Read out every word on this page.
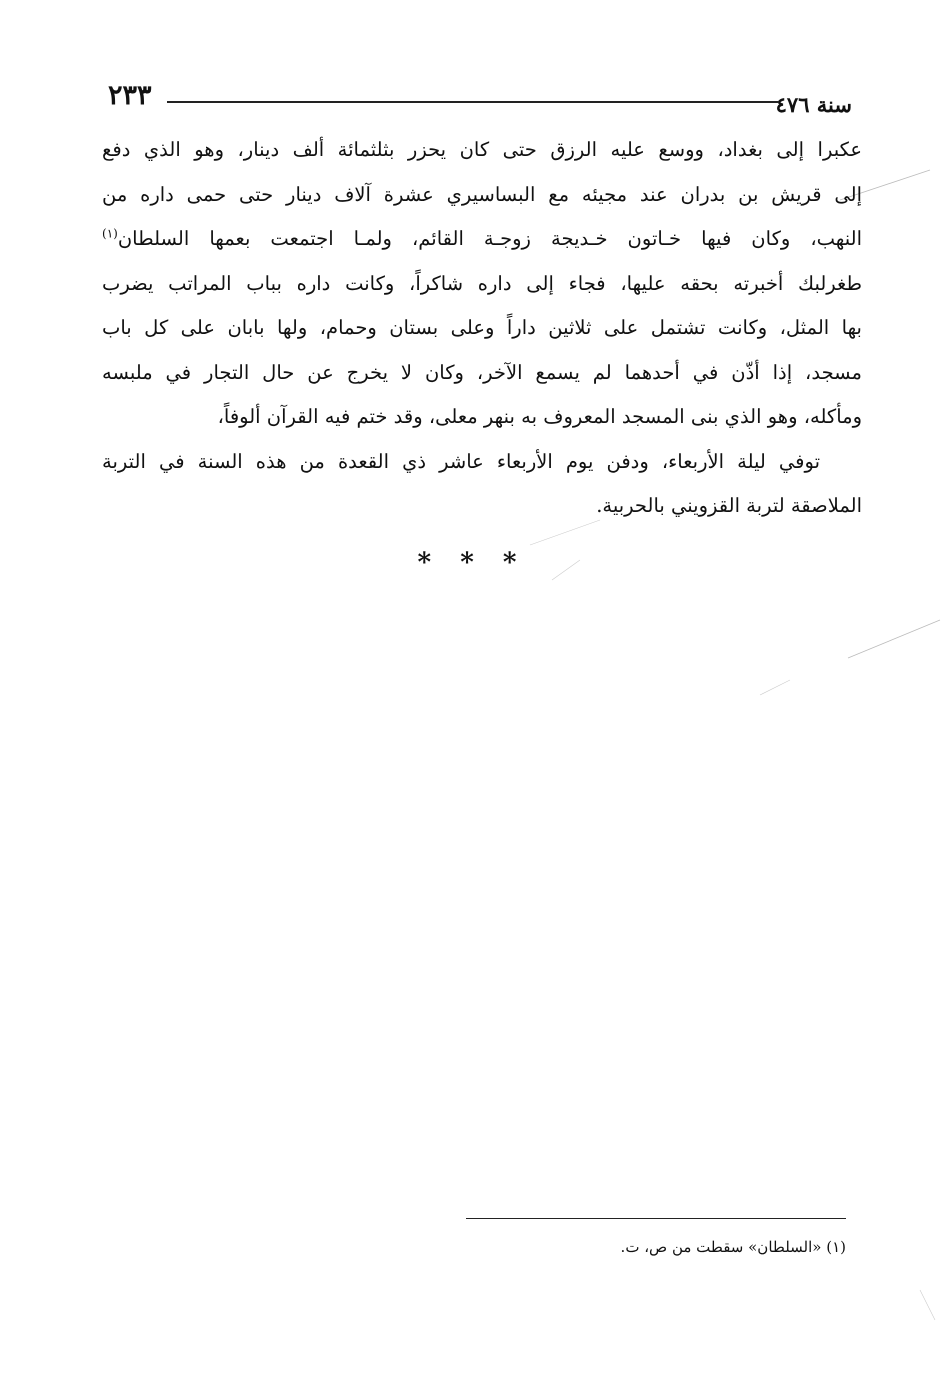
سنة ٤٧٦
٢٣٣
عكبرا إلى بغداد، ووسع عليه الرزق حتى كان يحزر بثلثمائة ألف دينار، وهو الذي دفع
إلى قريش بن بدران عند مجيئه مع البساسيري عشرة آلاف دينار حتى حمى داره من
النهب، وكان فيها خـاتون خـديجة زوجـة القائم، ولمـا اجتمعت بعمها السلطان$^{(١)}$
طغرلبك أخبرته بحقه عليها، فجاء إلى داره شاكراً، وكانت داره بباب المراتب يضرب
بها المثل، وكانت تشتمل على ثلاثين داراً وعلى بستان وحمام، ولها بابان على كل باب
مسجد، إذا أذّن في أحدهما لم يسمع الآخر، وكان لا يخرج عن حال التجار في ملبسه
ومأكله، وهو الذي بنى المسجد المعروف به بنهر معلى، وقد ختم فيه القرآن ألوفاً،
توفي ليلة الأربعاء، ودفن يوم الأربعاء عاشر ذي القعدة من هذه السنة في التربة
الملاصقة لتربة القزويني بالحربية.
* * *
(١) «السلطان» سقطت من ص، ت.
